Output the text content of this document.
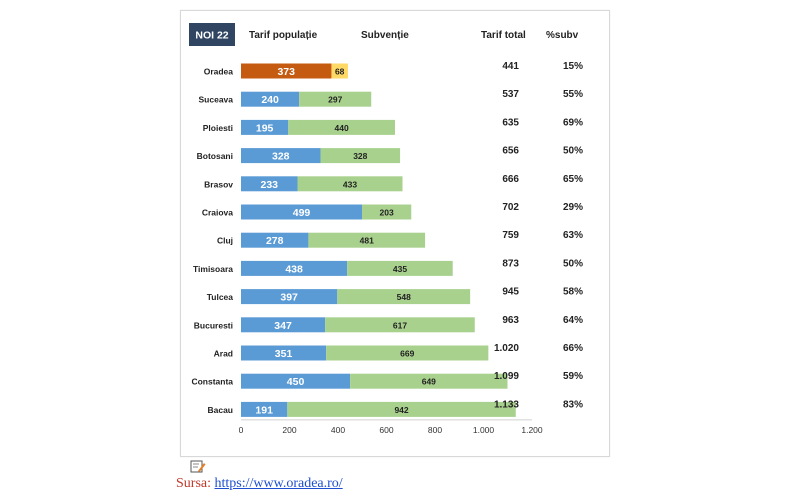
NOI 22 Tarif populație	Subvenție	Tarif total %subv
Oradea	373	68	441	15%
Suceava	240	297	537	55%
Ploiesti 195	440	635	69%
Botosani	328	328	656	50%
Brasov	233	433	666	65%
Craiova	499	203	702	29%
Cluj	278	481	759	63%
Timisoara	438	435	873	50%
Tulcea	397	548	945	58%
Bucuresti	347	617	963	64%
Arad	351	669	1.020	66%
Constanta	450	649	1.099	59%
Bacau 191	942	1.133	83%
0	200	400	600	800	1.000	1.200
Sursa: https://www.oradea.ro/
